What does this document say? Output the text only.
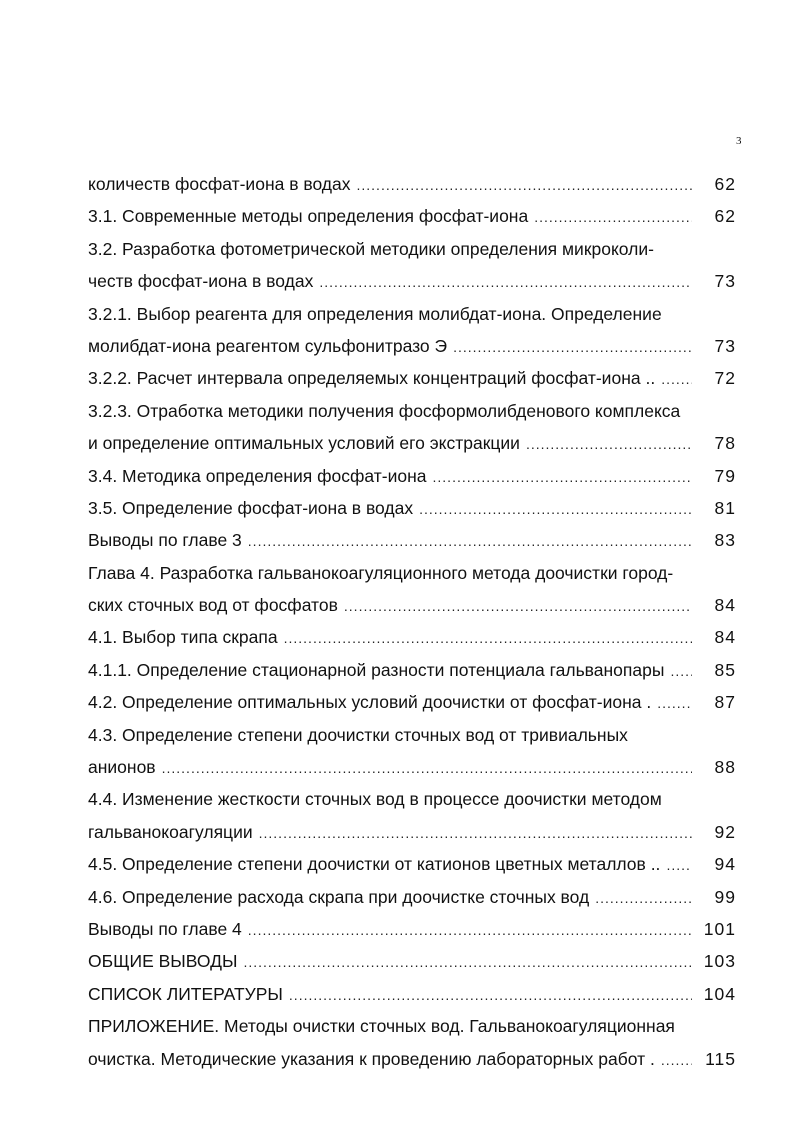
3
количеств фосфат-иона в водах .....	62
3.1. Современные методы определения фосфат-иона .....	62
3.2. Разработка фотометрической методики определения микроколи-
честв фосфат-иона в водах .....	73
3.2.1. Выбор реагента для определения молибдат-иона. Определение
молибдат-иона реагентом сульфонитразо Э .....	73
3.2.2. Расчет интервала определяемых концентраций фосфат-иона .. .....	72
3.2.3. Отработка методики получения фосформолибденового комплекса
и определение оптимальных условий его экстракции .....	78
3.4. Методика определения фосфат-иона .....	79
3.5. Определение фосфат-иона в водах .....	81
Выводы по главе 3 .....	83
Глава 4. Разработка гальванокоагуляционного метода доочистки город-
ских сточных вод от фосфатов .....	84
4.1. Выбор типа скрапа .....	84
4.1.1. Определение стационарной разности потенциала гальванопары .....	85
4.2. Определение оптимальных условий доочистки от фосфат-иона . .....	87
4.3. Определение степени доочистки сточных вод от тривиальных
анионов .....	88
4.4. Изменение жесткости сточных вод в процессе доочистки методом
гальванокоагуляции .....	92
4.5. Определение степени доочистки от катионов цветных металлов .. .....	94
4.6. Определение расхода скрапа при доочистке сточных вод .....	99
Выводы по главе 4 .....	101
ОБЩИЕ ВЫВОДЫ .....	103
СПИСОК ЛИТЕРАТУРЫ .....	104
ПРИЛОЖЕНИЕ. Методы очистки сточных вод. Гальванокоагуляционная
очистка. Методические указания к проведению лабораторных работ . .....	115
